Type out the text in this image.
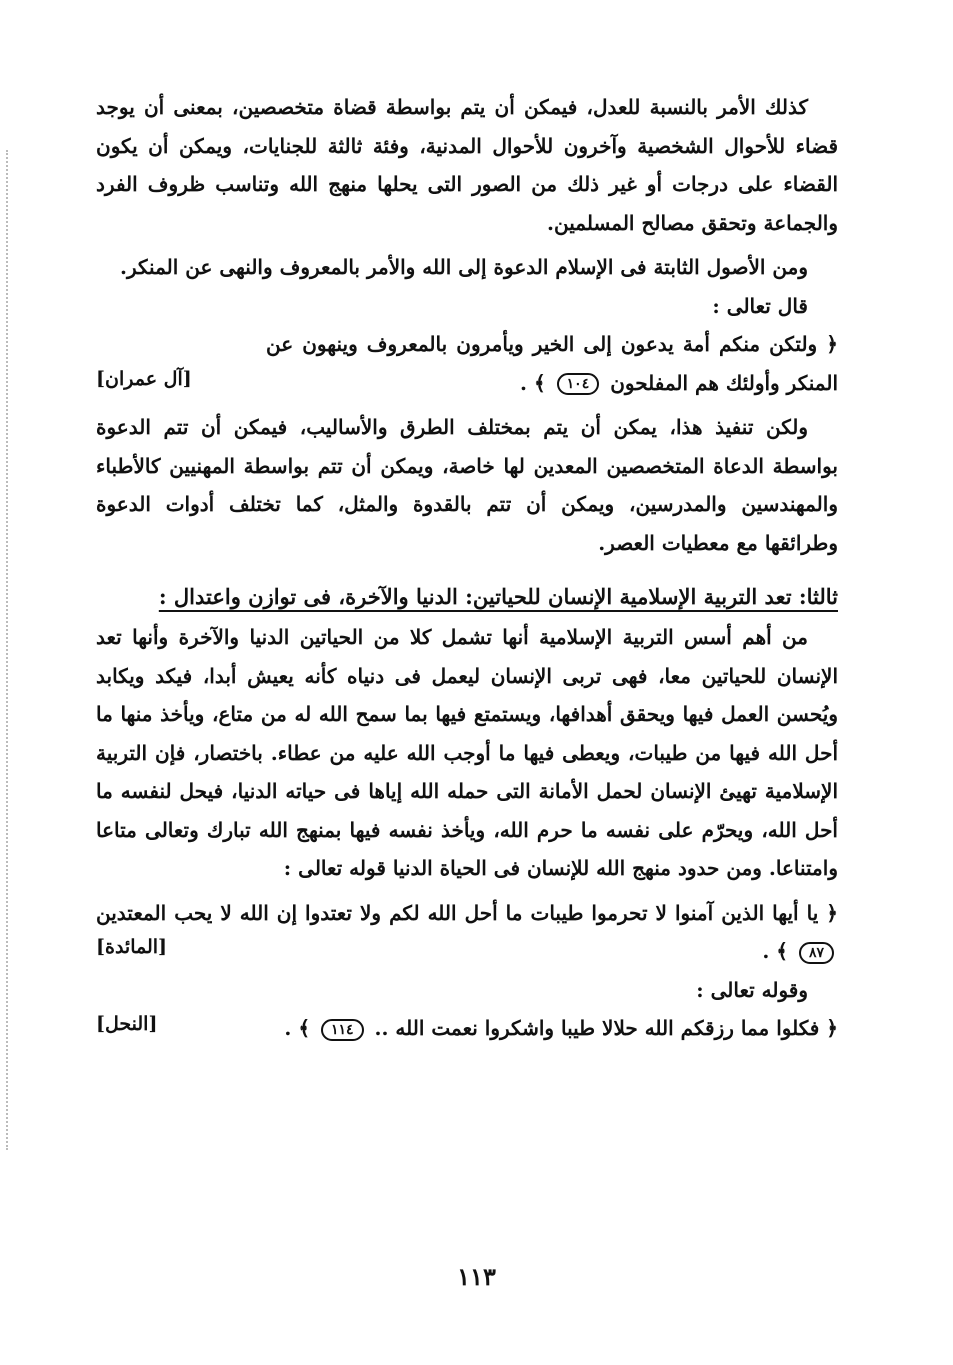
كذلك الأمر بالنسبة للعدل، فيمكن أن يتم بواسطة قضاة متخصصين، بمعنى أن يوجد قضاء للأحوال الشخصية وآخرون للأحوال المدنية، وفئة ثالثة للجنايات، ويمكن أن يكون القضاء على درجات أو غير ذلك من الصور التى يحلها منهج الله وتناسب ظروف الفرد والجماعة وتحقق مصالح المسلمين.

ومن الأصول الثابتة فى الإسلام الدعوة إلى الله والأمر بالمعروف والنهى عن المنكر.

قال تعالى :

﴿ ولتكن منكم أمة يدعون إلى الخير ويأمرون بالمعروف وينهون عن المنكر وأولئك هم المفلحون ١٠٤ ﴾ .
[آل عمران]

ولكن تنفيذ هذا، يمكن أن يتم بمختلف الطرق والأساليب، فيمكن أن تتم الدعوة بواسطة الدعاة المتخصصين المعدين لها خاصة، ويمكن أن تتم بواسطة المهنيين كالأطباء والمهندسين والمدرسين، ويمكن أن تتم بالقدوة والمثل، كما تختلف أدوات الدعوة وطرائقها مع معطيات العصر.

ثالثا: تعد التربية الإسلامية الإنسان للحياتين: الدنيا والآخرة، فى توازن واعتدال :

من أهم أسس التربية الإسلامية أنها تشمل كلا من الحياتين الدنيا والآخرة وأنها تعد الإنسان للحياتين معا، فهى تربى الإنسان ليعمل فى دنياه كأنه يعيش أبدا، فيكد ويكابد ويُحسن العمل فيها ويحقق أهدافها، ويستمتع فيها بما سمح الله له من متاع، ويأخذ منها ما أحل الله فيها من طيبات، ويعطى فيها ما أوجب الله عليه من عطاء. باختصار، فإن التربية الإسلامية تهيئ الإنسان لحمل الأمانة التى حمله الله إياها فى حياته الدنيا، فيحل لنفسه ما أحل الله، ويحرّم على نفسه ما حرم الله، ويأخذ نفسه فيها بمنهج الله تبارك وتعالى متاعا وامتناعا. ومن حدود منهج الله للإنسان فى الحياة الدنيا قوله تعالى :

﴿ يا أيها الذين آمنوا لا تحرموا طيبات ما أحل الله لكم ولا تعتدوا إن الله لا يحب المعتدين ٨٧ ﴾ .
[المائدة]

وقوله تعالى :

﴿ فكلوا مما رزقكم الله حلالا طيبا واشكروا نعمت الله .. ١١٤ ﴾ .
[النحل]
١١٣
